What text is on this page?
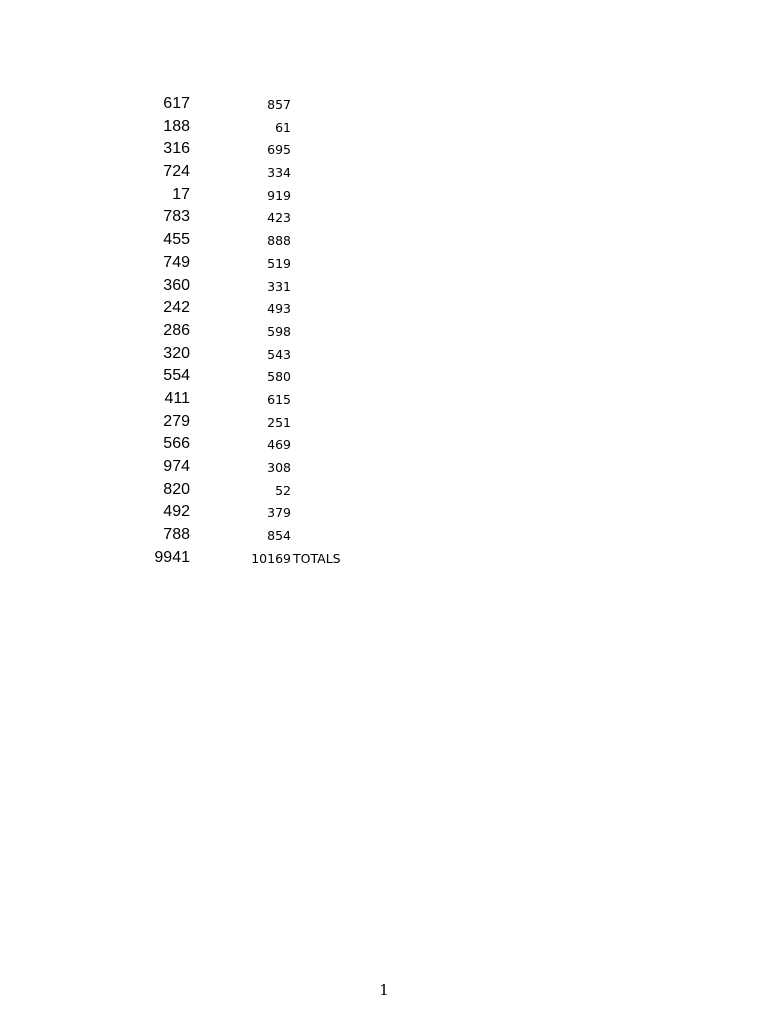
617	857
188	61
316	695
724	334
17	919
783	423
455	888
749	519
360	331
242	493
286	598
320	543
554	580
411	615
279	251
566	469
974	308
820	52
492	379
788	854
9941	10169 TOTALS
1
